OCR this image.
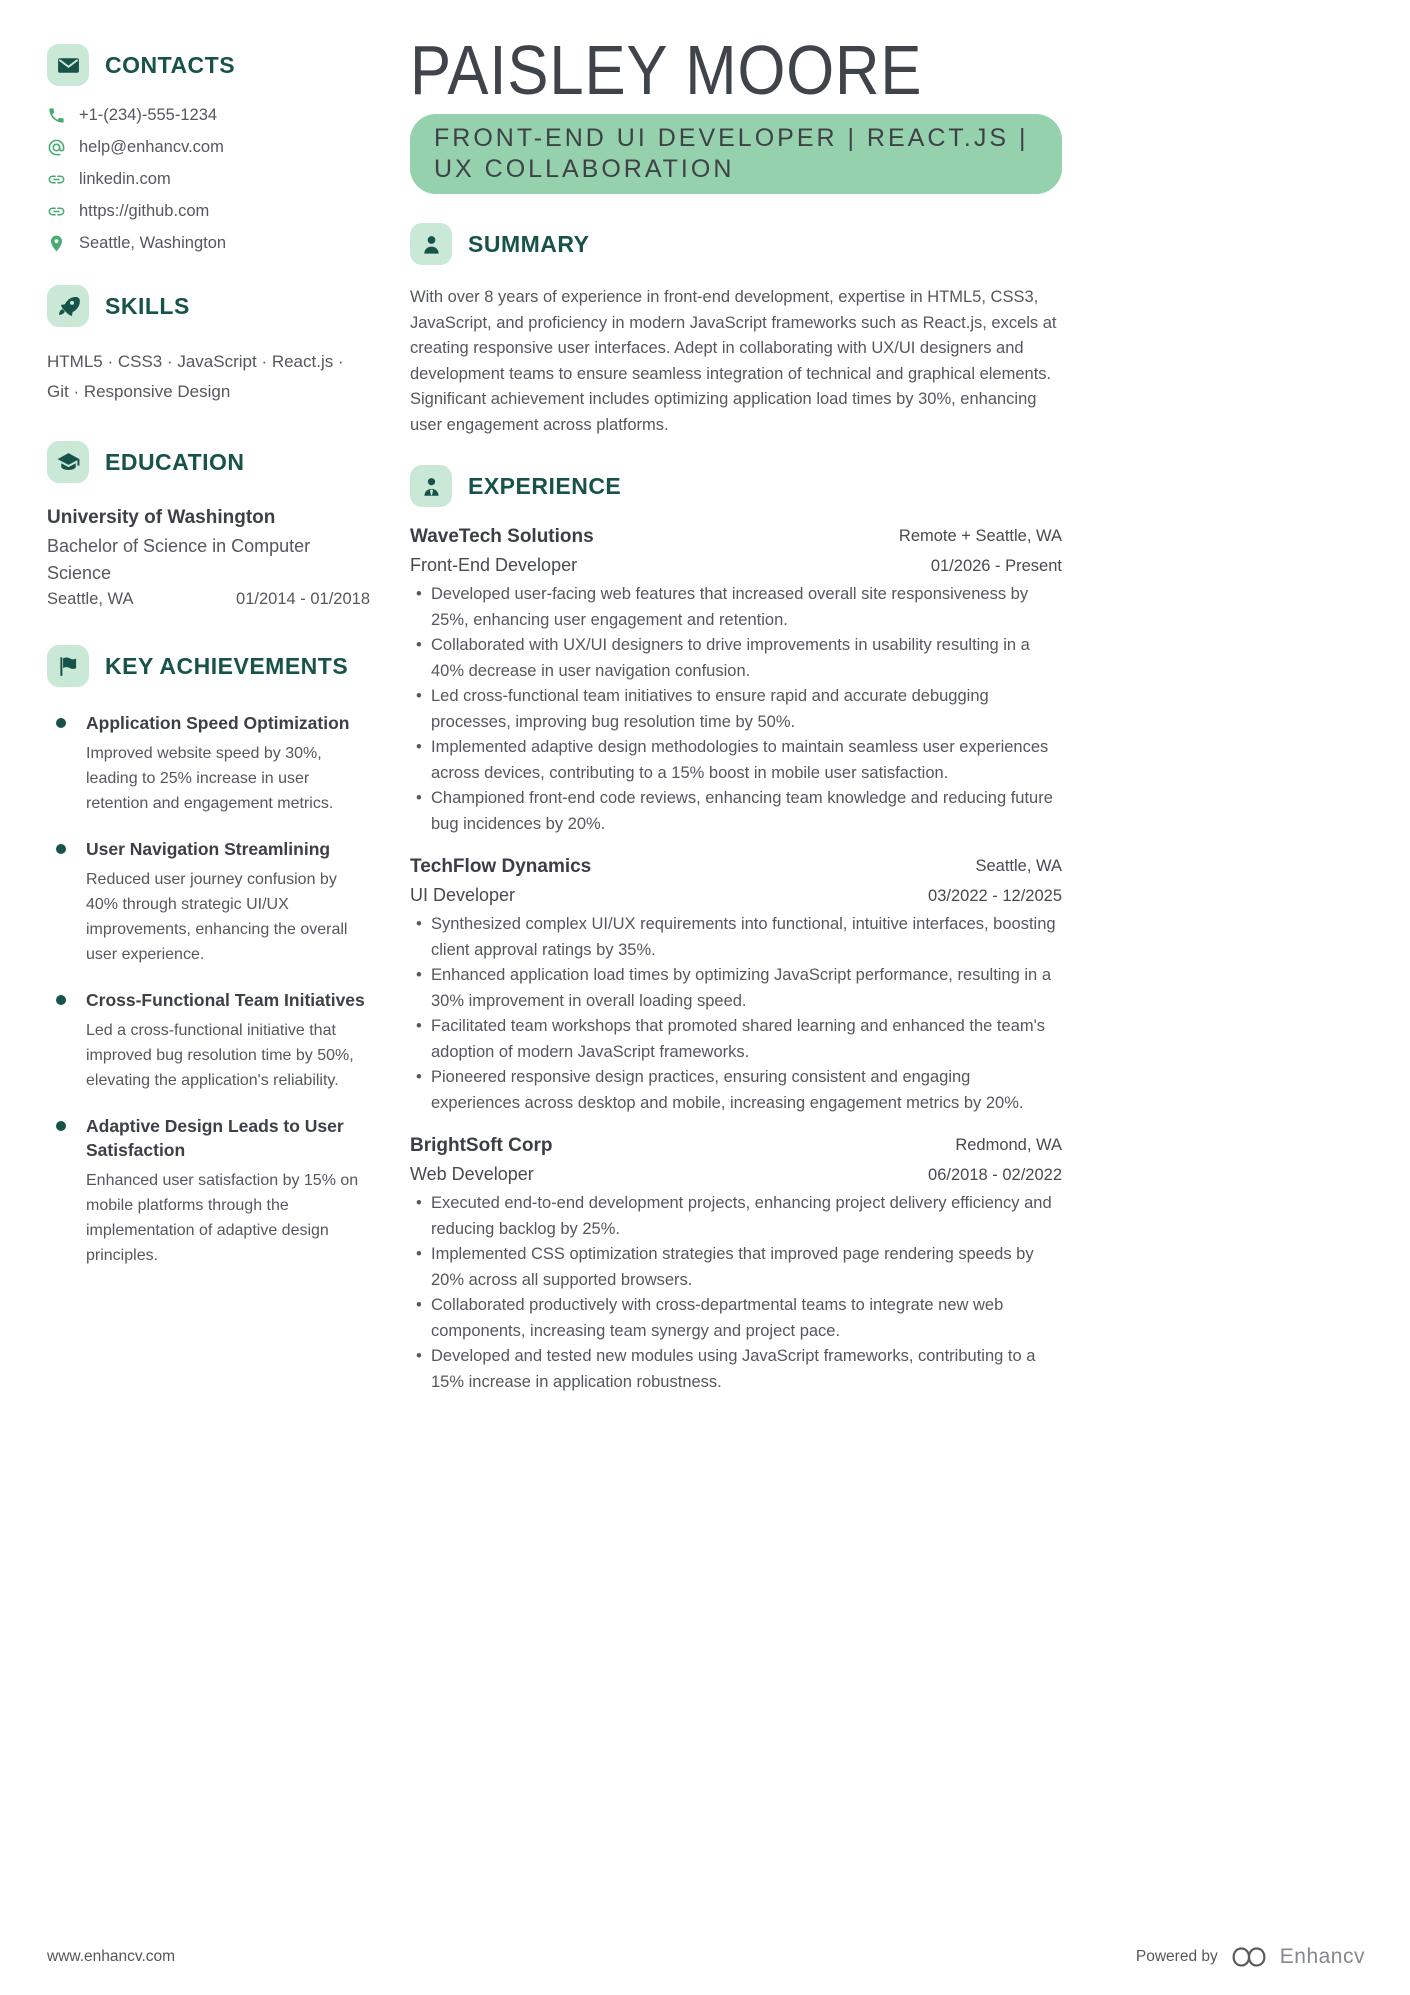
CONTACTS
+1-(234)-555-1234
help@enhancv.com
linkedin.com
https://github.com
Seattle, Washington
SKILLS
HTML5 · CSS3 · JavaScript · React.js · Git · Responsive Design
EDUCATION
University of Washington
Bachelor of Science in Computer Science
Seattle, WA	01/2014 - 01/2018
KEY ACHIEVEMENTS
Application Speed Optimization
Improved website speed by 30%, leading to 25% increase in user retention and engagement metrics.
User Navigation Streamlining
Reduced user journey confusion by 40% through strategic UI/UX improvements, enhancing the overall user experience.
Cross-Functional Team Initiatives
Led a cross-functional initiative that improved bug resolution time by 50%, elevating the application's reliability.
Adaptive Design Leads to User Satisfaction
Enhanced user satisfaction by 15% on mobile platforms through the implementation of adaptive design principles.
PAISLEY MOORE
FRONT-END UI DEVELOPER | REACT.JS |
UX COLLABORATION
SUMMARY
With over 8 years of experience in front-end development, expertise in HTML5, CSS3, JavaScript, and proficiency in modern JavaScript frameworks such as React.js, excels at creating responsive user interfaces. Adept in collaborating with UX/UI designers and development teams to ensure seamless integration of technical and graphical elements. Significant achievement includes optimizing application load times by 30%, enhancing user engagement across platforms.
EXPERIENCE
WaveTech Solutions	Remote + Seattle, WA
Front-End Developer	01/2026 - Present
• Developed user-facing web features that increased overall site responsiveness by 25%, enhancing user engagement and retention.
• Collaborated with UX/UI designers to drive improvements in usability resulting in a 40% decrease in user navigation confusion.
• Led cross-functional team initiatives to ensure rapid and accurate debugging processes, improving bug resolution time by 50%.
• Implemented adaptive design methodologies to maintain seamless user experiences across devices, contributing to a 15% boost in mobile user satisfaction.
• Championed front-end code reviews, enhancing team knowledge and reducing future bug incidences by 20%.
TechFlow Dynamics	Seattle, WA
UI Developer	03/2022 - 12/2025
• Synthesized complex UI/UX requirements into functional, intuitive interfaces, boosting client approval ratings by 35%.
• Enhanced application load times by optimizing JavaScript performance, resulting in a 30% improvement in overall loading speed.
• Facilitated team workshops that promoted shared learning and enhanced the team's adoption of modern JavaScript frameworks.
• Pioneered responsive design practices, ensuring consistent and engaging experiences across desktop and mobile, increasing engagement metrics by 20%.
BrightSoft Corp	Redmond, WA
Web Developer	06/2018 - 02/2022
• Executed end-to-end development projects, enhancing project delivery efficiency and reducing backlog by 25%.
• Implemented CSS optimization strategies that improved page rendering speeds by 20% across all supported browsers.
• Collaborated productively with cross-departmental teams to integrate new web components, increasing team synergy and project pace.
• Developed and tested new modules using JavaScript frameworks, contributing to a 15% increase in application robustness.
www.enhancv.com	Powered by	Enhancv
